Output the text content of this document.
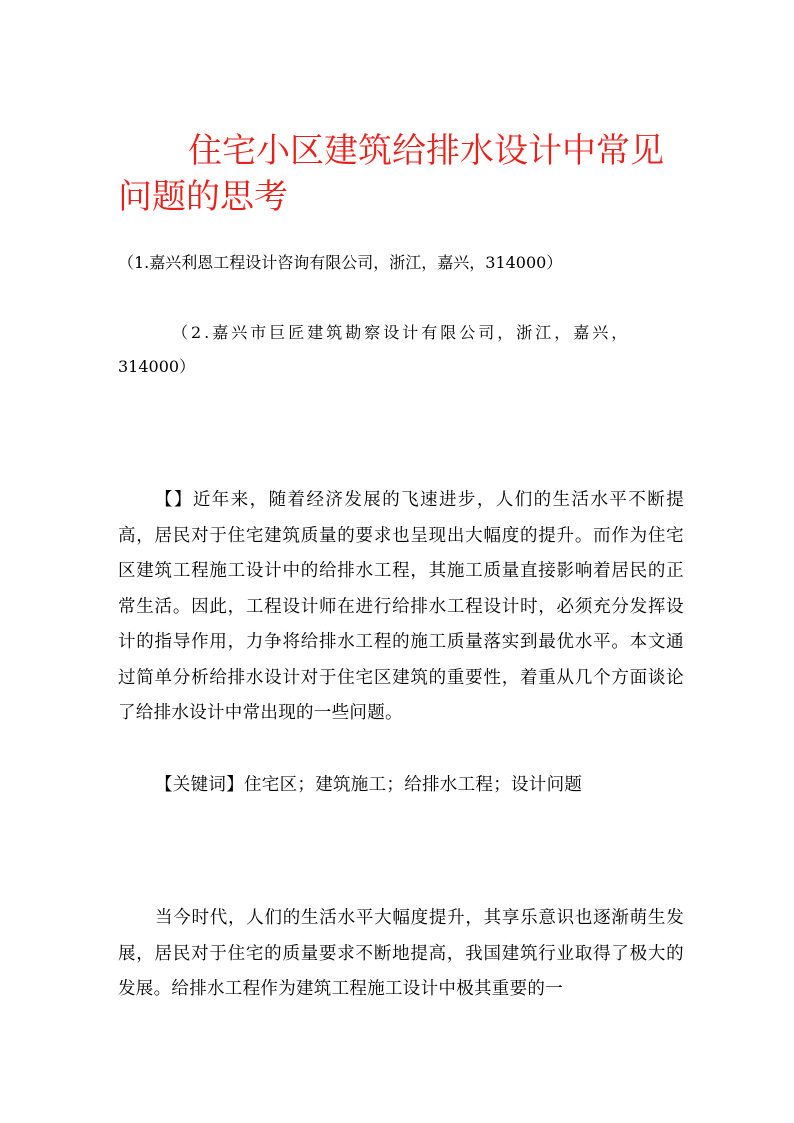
住宅小区建筑给排水设计中常见问题的思考

（1.嘉兴利恩工程设计咨询有限公司，浙江，嘉兴，314000）

（2.嘉兴市巨匠建筑勘察设计有限公司，浙江，嘉兴，
314000）

【】近年来，随着经济发展的飞速进步，人们的生活水平不断提高，居民对于住宅建筑质量的要求也呈现出大幅度的提升。而作为住宅区建筑工程施工设计中的给排水工程，其施工质量直接影响着居民的正常生活。因此，工程设计师在进行给排水工程设计时，必须充分发挥设计的指导作用，力争将给排水工程的施工质量落实到最优水平。本文通过简单分析给排水设计对于住宅区建筑的重要性，着重从几个方面谈论了给排水设计中常出现的一些问题。

【关键词】住宅区；建筑施工；给排水工程；设计问题

当今时代，人们的生活水平大幅度提升，其享乐意识也逐渐萌生发展，居民对于住宅的质量要求不断地提高，我国建筑行业取得了极大的发展。给排水工程作为建筑工程施工设计中极其重要的一
